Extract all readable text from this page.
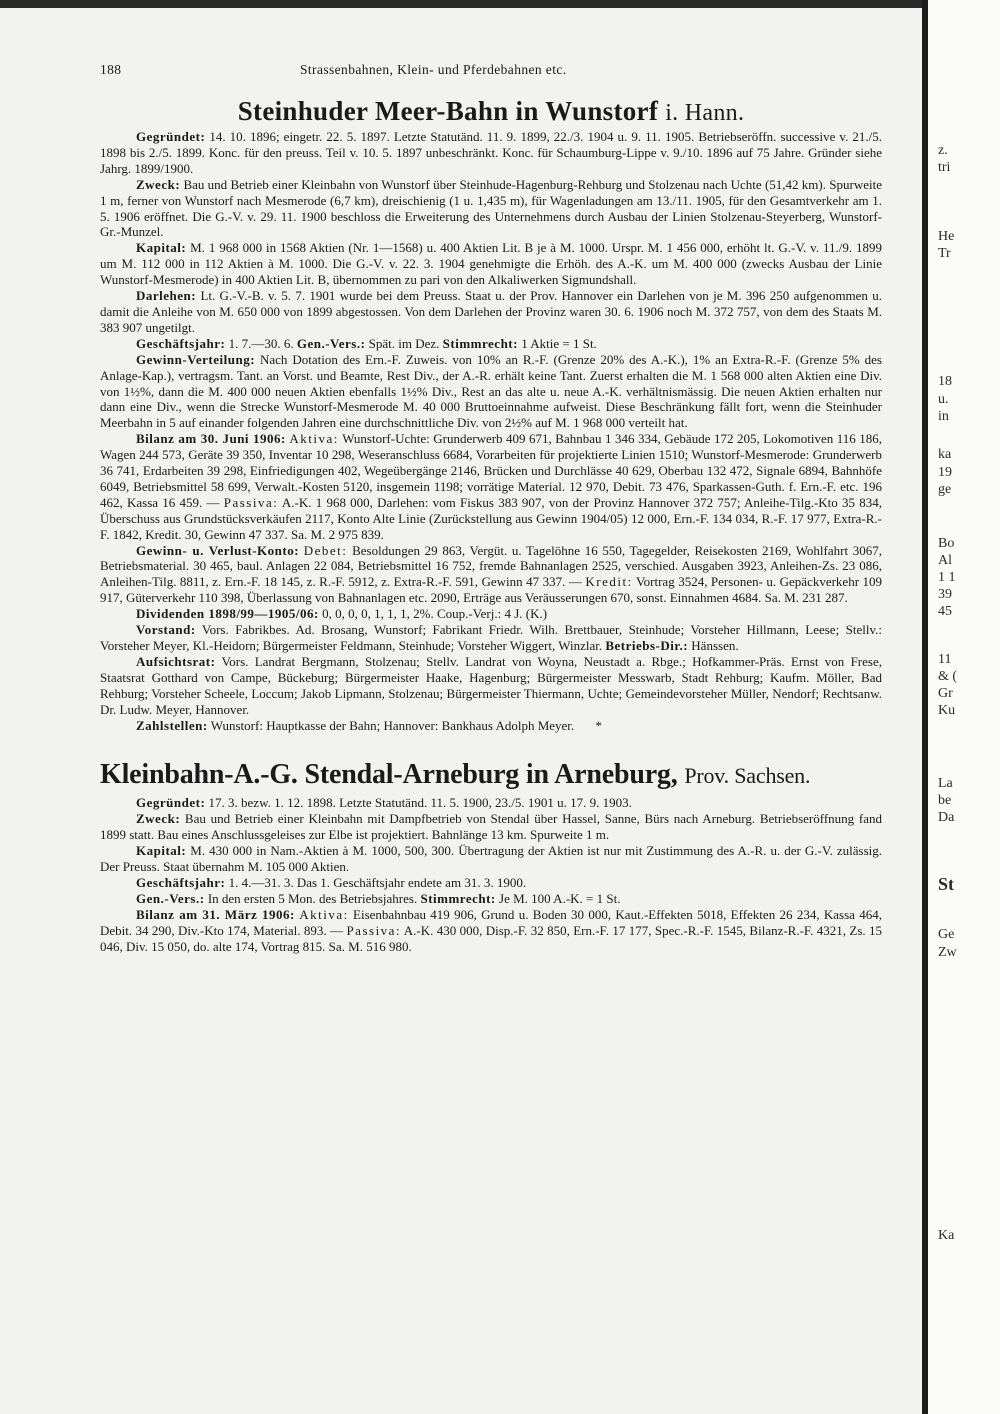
z.
tri
He
Tr
18
u.
in
ka
19
ge
Bo
Al
1 1
39
45
11
& (
Gr
Ku
La
be
Da
St
Ge
Zw
Ka
188	Strassenbahnen, Klein- und Pferdebahnen etc.
Steinhuder Meer-Bahn in Wunstorf i. Hann.

Gegründet: 14. 10. 1896; eingetr. 22. 5. 1897. Letzte Statutänd. 11. 9. 1899, 22./3. 1904 u. 9. 11. 1905. Betriebseröffn. successive v. 21./5. 1898 bis 2./5. 1899. Konc. für den preuss. Teil v. 10. 5. 1897 unbeschränkt. Konc. für Schaumburg-Lippe v. 9./10. 1896 auf 75 Jahre. Gründer siehe Jahrg. 1899/1900.

Zweck: Bau und Betrieb einer Kleinbahn von Wunstorf über Steinhude-Hagenburg-Rehburg und Stolzenau nach Uchte (51,42 km). Spurweite 1 m, ferner von Wunstorf nach Mesmerode (6,7 km), dreischienig (1 u. 1,435 m), für Wagenladungen am 13./11. 1905, für den Gesamtverkehr am 1. 5. 1906 eröffnet. Die G.-V. v. 29. 11. 1900 beschloss die Erweiterung des Unternehmens durch Ausbau der Linien Stolzenau-Steyerberg, Wunstorf-Gr.-Munzel.

Kapital: M. 1 968 000 in 1568 Aktien (Nr. 1—1568) u. 400 Aktien Lit. B je à M. 1000. Urspr. M. 1 456 000, erhöht lt. G.-V. v. 11./9. 1899 um M. 112 000 in 112 Aktien à M. 1000. Die G.-V. v. 22. 3. 1904 genehmigte die Erhöh. des A.-K. um M. 400 000 (zwecks Ausbau der Linie Wunstorf-Mesmerode) in 400 Aktien Lit. B, übernommen zu pari von den Alkaliwerken Sigmundshall.

Darlehen: Lt. G.-V.-B. v. 5. 7. 1901 wurde bei dem Preuss. Staat u. der Prov. Hannover ein Darlehen von je M. 396 250 aufgenommen u. damit die Anleihe von M. 650 000 von 1899 abgestossen. Von dem Darlehen der Provinz waren 30. 6. 1906 noch M. 372 757, von dem des Staats M. 383 907 ungetilgt.

Geschäftsjahr: 1. 7.—30. 6. Gen.-Vers.: Spät. im Dez. Stimmrecht: 1 Aktie = 1 St.

Gewinn-Verteilung: Nach Dotation des Ern.-F. Zuweis. von 10% an R.-F. (Grenze 20% des A.-K.), 1% an Extra-R.-F. (Grenze 5% des Anlage-Kap.), vertragsm. Tant. an Vorst. und Beamte, Rest Div., der A.-R. erhält keine Tant. Zuerst erhalten die M. 1 568 000 alten Aktien eine Div. von 1½%, dann die M. 400 000 neuen Aktien ebenfalls 1½% Div., Rest an das alte u. neue A.-K. verhältnismässig. Die neuen Aktien erhalten nur dann eine Div., wenn die Strecke Wunstorf-Mesmerode M. 40 000 Bruttoeinnahme aufweist. Diese Beschränkung fällt fort, wenn die Steinhuder Meerbahn in 5 auf einander folgenden Jahren eine durchschnittliche Div. von 2½% auf M. 1 968 000 verteilt hat.

Bilanz am 30. Juni 1906: Aktiva: Wunstorf-Uchte: Grunderwerb 409 671, Bahnbau 1 346 334, Gebäude 172 205, Lokomotiven 116 186, Wagen 244 573, Geräte 39 350, Inventar 10 298, Weseranschluss 6684, Vorarbeiten für projektierte Linien 1510; Wunstorf-Mesmerode: Grunderwerb 36 741, Erdarbeiten 39 298, Einfriedigungen 402, Wegeübergänge 2146, Brücken und Durchlässe 40 629, Oberbau 132 472, Signale 6894, Bahnhöfe 6049, Betriebsmittel 58 699, Verwalt.-Kosten 5120, insgemein 1198; vorrätige Material. 12 970, Debit. 73 476, Sparkassen-Guth. f. Ern.-F. etc. 196 462, Kassa 16 459. — Passiva: A.-K. 1 968 000, Darlehen: vom Fiskus 383 907, von der Provinz Hannover 372 757; Anleihe-Tilg.-Kto 35 834, Überschuss aus Grundstücksverkäufen 2117, Konto Alte Linie (Zurückstellung aus Gewinn 1904/05) 12 000, Ern.-F. 134 034, R.-F. 17 977, Extra-R.-F. 1842, Kredit. 30, Gewinn 47 337. Sa. M. 2 975 839.

Gewinn- u. Verlust-Konto: Debet: Besoldungen 29 863, Vergüt. u. Tagelöhne 16 550, Tagegelder, Reisekosten 2169, Wohlfahrt 3067, Betriebsmaterial. 30 465, baul. Anlagen 22 084, Betriebsmittel 16 752, fremde Bahnanlagen 2525, verschied. Ausgaben 3923, Anleihen-Zs. 23 086, Anleihen-Tilg. 8811, z. Ern.-F. 18 145, z. R.-F. 5912, z. Extra-R.-F. 591, Gewinn 47 337. — Kredit: Vortrag 3524, Personen- u. Gepäckverkehr 109 917, Güterverkehr 110 398, Überlassung von Bahnanlagen etc. 2090, Erträge aus Veräusserungen 670, sonst. Einnahmen 4684. Sa. M. 231 287.

Dividenden 1898/99—1905/06: 0, 0, 0, 0, 1, 1, 1, 2%. Coup.-Verj.: 4 J. (K.)

Vorstand: Vors. Fabrikbes. Ad. Brosang, Wunstorf; Fabrikant Friedr. Wilh. Brettbauer, Steinhude; Vorsteher Hillmann, Leese; Stellv.: Vorsteher Meyer, Kl.-Heidorn; Bürgermeister Feldmann, Steinhude; Vorsteher Wiggert, Winzlar. Betriebs-Dir.: Hänssen.

Aufsichtsrat: Vors. Landrat Bergmann, Stolzenau; Stellv. Landrat von Woyna, Neustadt a. Rbge.; Hofkammer-Präs. Ernst von Frese, Staatsrat Gotthard von Campe, Bückeburg; Bürgermeister Haake, Hagenburg; Bürgermeister Messwarb, Stadt Rehburg; Kaufm. Möller, Bad Rehburg; Vorsteher Scheele, Loccum; Jakob Lipmann, Stolzenau; Bürgermeister Thiermann, Uchte; Gemeindevorsteher Müller, Nendorf; Rechtsanw. Dr. Ludw. Meyer, Hannover.

Zahlstellen: Wunstorf: Hauptkasse der Bahn; Hannover: Bankhaus Adolph Meyer. *

Kleinbahn-A.-G. Stendal-Arneburg in Arneburg, Prov. Sachsen.

Gegründet: 17. 3. bezw. 1. 12. 1898. Letzte Statutänd. 11. 5. 1900, 23./5. 1901 u. 17. 9. 1903.

Zweck: Bau und Betrieb einer Kleinbahn mit Dampfbetrieb von Stendal über Hassel, Sanne, Bürs nach Arneburg. Betriebseröffnung fand 1899 statt. Bau eines Anschlussgeleises zur Elbe ist projektiert. Bahnlänge 13 km. Spurweite 1 m.

Kapital: M. 430 000 in Nam.-Aktien à M. 1000, 500, 300. Übertragung der Aktien ist nur mit Zustimmung des A.-R. u. der G.-V. zulässig. Der Preuss. Staat übernahm M. 105 000 Aktien.

Geschäftsjahr: 1. 4.—31. 3. Das 1. Geschäftsjahr endete am 31. 3. 1900.

Gen.-Vers.: In den ersten 5 Mon. des Betriebsjahres. Stimmrecht: Je M. 100 A.-K. = 1 St.

Bilanz am 31. März 1906: Aktiva: Eisenbahnbau 419 906, Grund u. Boden 30 000, Kaut.-Effekten 5018, Effekten 26 234, Kassa 464, Debit. 34 290, Div.-Kto 174, Material. 893. — Passiva: A.-K. 430 000, Disp.-F. 32 850, Ern.-F. 17 177, Spec.-R.-F. 1545, Bilanz-R.-F. 4321, Zs. 15 046, Div. 15 050, do. alte 174, Vortrag 815. Sa. M. 516 980.
